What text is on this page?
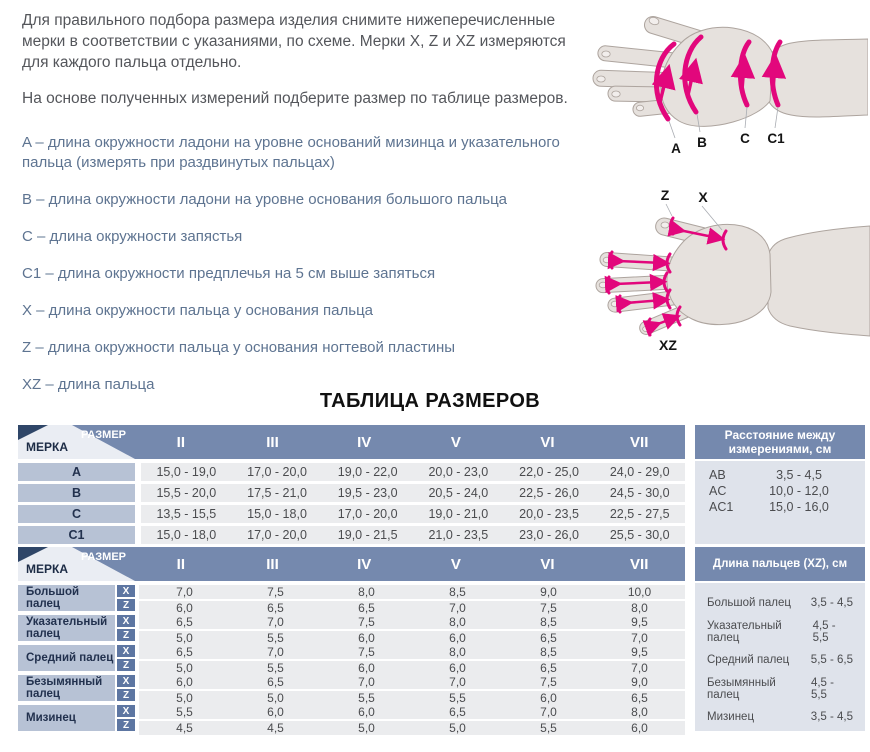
Для правильного подбора размера изделия снимите нижеперечисленные мерки в соответствии с указаниями, по схеме. Мерки X, Z и XZ измеряются для каждого пальца отдельно.
На основе полученных измерений подберите размер по таблице размеров.
A – длина окружности ладони на уровне оснований мизинца и указательного пальца (измерять при раздвинутых пальцах)
B – длина окружности ладони на уровне основания большого пальца
C – длина окружности запястья
C1 – длина окружности предплечья на 5 см выше запяться
X – длина окружности пальца у основания пальца
Z – длина окружности пальца у основания ногтевой пластины
XZ – длина пальца
A B C C1
Z X
XZ
ТАБЛИЦА РАЗМЕРОВ
РАЗМЕР
МЕРКА	II	III	IV	V	VI	VII
A	15,0 - 19,0	17,0 - 20,0	19,0 - 22,0	20,0 - 23,0	22,0 - 25,0	24,0 - 29,0
B	15,5 - 20,0	17,5 - 21,0	19,5 - 23,0	20,5 - 24,0	22,5 - 26,0	24,5 - 30,0
C	13,5 - 15,5	15,0 - 18,0	17,0 - 20,0	19,0 - 21,0	20,0 - 23,5	22,5 - 27,5
C1	15,0 - 18,0	17,0 - 20,0	19,0 - 21,5	21,0 - 23,5	23,0 - 26,0	25,5 - 30,0
Расстояние между
измерениями, см
AB	3,5 - 4,5
AC	10,0 - 12,0
AC1	15,0 - 16,0
РАЗМЕР
МЕРКА	II	III	IV	V	VI	VII
Большой палец
X
Z
7,0	7,5	8,0	8,5	9,0	10,0
6,0	6,5	6,5	7,0	7,5	8,0
Указательный палец
X
Z
6,5	7,0	7,5	8,0	8,5	9,5
5,0	5,5	6,0	6,0	6,5	7,0
Средний палец
X
Z
6,5	7,0	7,5	8,0	8,5	9,5
5,0	5,5	6,0	6,0	6,5	7,0
Безымянный палец
X
Z
6,0	6,5	7,0	7,0	7,5	9,0
5,0	5,0	5,5	5,5	6,0	6,5
Мизинец
X
Z
5,5	6,0	6,0	6,5	7,0	8,0
4,5	4,5	5,0	5,0	5,5	6,0
Длина пальцев (XZ), см
Большой палец 3,5 - 4,5
Указательный палец
4,5 - 5,5
Средний палец 5,5 - 6,5
Безымянный палец
4,5 - 5,5
Мизинец	3,5 - 4,5
